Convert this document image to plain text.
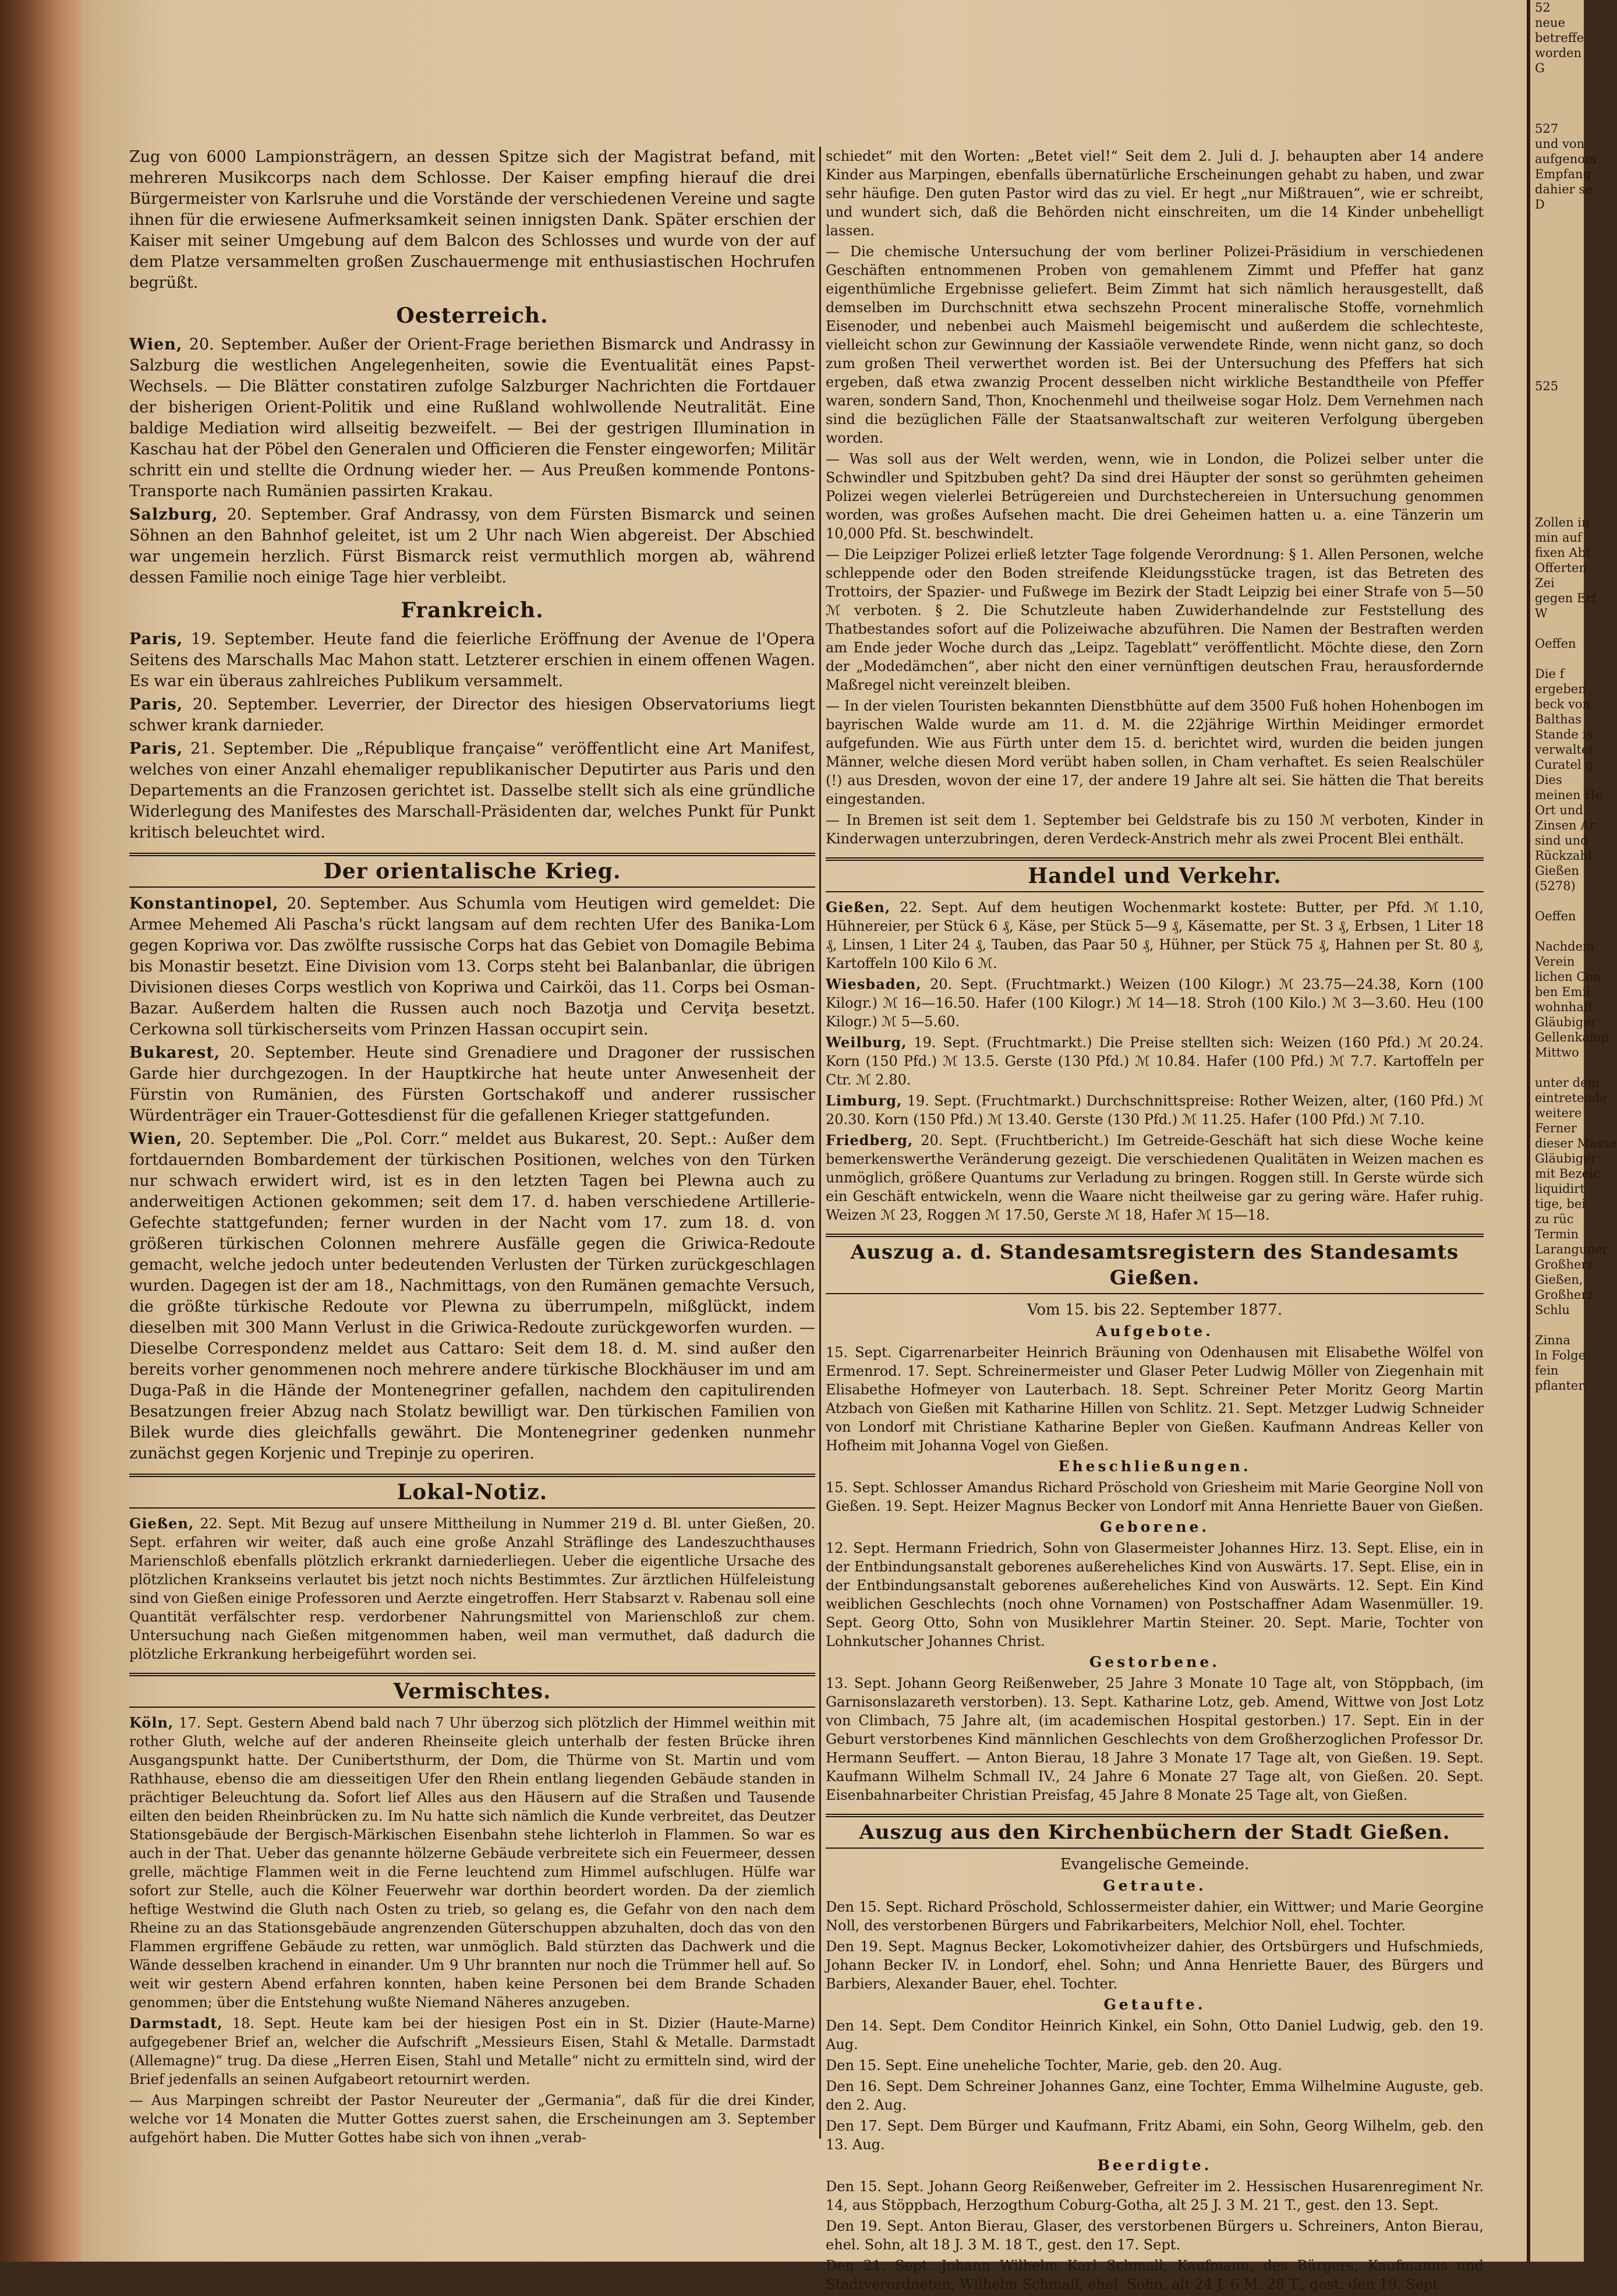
Zug von 6000 Lampionsträgern, an dessen Spitze sich der Magistrat befand, mit mehreren Musikcorps nach dem Schlosse. Der Kaiser empfing hierauf die drei Bürgermeister von Karlsruhe und die Vorstände der verschiedenen Vereine und sagte ihnen für die erwiesene Aufmerksamkeit seinen innigsten Dank. Später erschien der Kaiser mit seiner Umgebung auf dem Balcon des Schlosses und wurde von der auf dem Platze versammelten großen Zuschauermenge mit enthusiastischen Hochrufen begrüßt.

Oesterreich.

Wien, 20. September. Außer der Orient-Frage beriethen Bismarck und Andrassy in Salzburg die westlichen Angelegenheiten, sowie die Eventualität eines Papst-Wechsels. — Die Blätter constatiren zufolge Salzburger Nachrichten die Fortdauer der bisherigen Orient-Politik und eine Rußland wohlwollende Neutralität. Eine baldige Mediation wird allseitig bezweifelt. — Bei der gestrigen Illumination in Kaschau hat der Pöbel den Generalen und Officieren die Fenster eingeworfen; Militär schritt ein und stellte die Ordnung wieder her. — Aus Preußen kommende Pontons-Transporte nach Rumänien passirten Krakau.

Salzburg, 20. September. Graf Andrassy, von dem Fürsten Bismarck und seinen Söhnen an den Bahnhof geleitet, ist um 2 Uhr nach Wien abgereist. Der Abschied war ungemein herzlich. Fürst Bismarck reist vermuthlich morgen ab, während dessen Familie noch einige Tage hier verbleibt.

Frankreich.

Paris, 19. September. Heute fand die feierliche Eröffnung der Avenue de l'Opera Seitens des Marschalls Mac Mahon statt. Letzterer erschien in einem offenen Wagen. Es war ein überaus zahlreiches Publikum versammelt.

Paris, 20. September. Leverrier, der Director des hiesigen Observatoriums liegt schwer krank darnieder.

Paris, 21. September. Die „République française“ veröffentlicht eine Art Manifest, welches von einer Anzahl ehemaliger republikanischer Deputirter aus Paris und den Departements an die Franzosen gerichtet ist. Dasselbe stellt sich als eine gründliche Widerlegung des Manifestes des Marschall-Präsidenten dar, welches Punkt für Punkt kritisch beleuchtet wird.

Der orientalische Krieg.

Konstantinopel, 20. September. Aus Schumla vom Heutigen wird gemeldet: Die Armee Mehemed Ali Pascha's rückt langsam auf dem rechten Ufer des Banika-Lom gegen Kopriwa vor. Das zwölfte russische Corps hat das Gebiet von Domagile Bebima bis Monastir besetzt. Eine Division vom 13. Corps steht bei Balanbanlar, die übrigen Divisionen dieses Corps westlich von Kopriwa und Cairköi, das 11. Corps bei Osman-Bazar. Außerdem halten die Russen auch noch Bazotja und Cerviţa besetzt. Cerkowna soll türkischerseits vom Prinzen Hassan occupirt sein.

Bukarest, 20. September. Heute sind Grenadiere und Dragoner der russischen Garde hier durchgezogen. In der Hauptkirche hat heute unter Anwesenheit der Fürstin von Rumänien, des Fürsten Gortschakoff und anderer russischer Würdenträger ein Trauer-Gottesdienst für die gefallenen Krieger stattgefunden.

Wien, 20. September. Die „Pol. Corr.“ meldet aus Bukarest, 20. Sept.: Außer dem fortdauernden Bombardement der türkischen Positionen, welches von den Türken nur schwach erwidert wird, ist es in den letzten Tagen bei Plewna auch zu anderweitigen Actionen gekommen; seit dem 17. d. haben verschiedene Artillerie-Gefechte stattgefunden; ferner wurden in der Nacht vom 17. zum 18. d. von größeren türkischen Colonnen mehrere Ausfälle gegen die Griwica-Redoute gemacht, welche jedoch unter bedeutenden Verlusten der Türken zurückgeschlagen wurden. Dagegen ist der am 18., Nachmittags, von den Rumänen gemachte Versuch, die größte türkische Redoute vor Plewna zu überrumpeln, mißglückt, indem dieselben mit 300 Mann Verlust in die Griwica-Redoute zurückgeworfen wurden. — Dieselbe Correspondenz meldet aus Cattaro: Seit dem 18. d. M. sind außer den bereits vorher genommenen noch mehrere andere türkische Blockhäuser im und am Duga-Paß in die Hände der Montenegriner gefallen, nachdem den capitulirenden Besatzungen freier Abzug nach Stolatz bewilligt war. Den türkischen Familien von Bilek wurde dies gleichfalls gewährt. Die Montenegriner gedenken nunmehr zunächst gegen Korjenic und Trepinje zu operiren.

Lokal-Notiz.

Gießen, 22. Sept. Mit Bezug auf unsere Mittheilung in Nummer 219 d. Bl. unter Gießen, 20. Sept. erfahren wir weiter, daß auch eine große Anzahl Sträflinge des Landeszuchthauses Marienschloß ebenfalls plötzlich erkrankt darniederliegen. Ueber die eigentliche Ursache des plötzlichen Krankseins verlautet bis jetzt noch nichts Bestimmtes. Zur ärztlichen Hülfeleistung sind von Gießen einige Professoren und Aerzte eingetroffen. Herr Stabsarzt v. Rabenau soll eine Quantität verfälschter resp. verdorbener Nahrungsmittel von Marienschloß zur chem. Untersuchung nach Gießen mitgenommen haben, weil man vermuthet, daß dadurch die plötzliche Erkrankung herbeigeführt worden sei.

Vermischtes.

Köln, 17. Sept. Gestern Abend bald nach 7 Uhr überzog sich plötzlich der Himmel weithin mit rother Gluth, welche auf der anderen Rheinseite gleich unterhalb der festen Brücke ihren Ausgangspunkt hatte. Der Cunibertsthurm, der Dom, die Thürme von St. Martin und vom Rathhause, ebenso die am diesseitigen Ufer den Rhein entlang liegenden Gebäude standen in prächtiger Beleuchtung da. Sofort lief Alles aus den Häusern auf die Straßen und Tausende eilten den beiden Rheinbrücken zu. Im Nu hatte sich nämlich die Kunde verbreitet, das Deutzer Stationsgebäude der Bergisch-Märkischen Eisenbahn stehe lichterloh in Flammen. So war es auch in der That. Ueber das genannte hölzerne Gebäude verbreitete sich ein Feuermeer, dessen grelle, mächtige Flammen weit in die Ferne leuchtend zum Himmel aufschlugen. Hülfe war sofort zur Stelle, auch die Kölner Feuerwehr war dorthin beordert worden. Da der ziemlich heftige Westwind die Gluth nach Osten zu trieb, so gelang es, die Gefahr von den nach dem Rheine zu an das Stationsgebäude angrenzenden Güterschuppen abzuhalten, doch das von den Flammen ergriffene Gebäude zu retten, war unmöglich. Bald stürzten das Dachwerk und die Wände desselben krachend in einander. Um 9 Uhr brannten nur noch die Trümmer hell auf. So weit wir gestern Abend erfahren konnten, haben keine Personen bei dem Brande Schaden genommen; über die Entstehung wußte Niemand Näheres anzugeben.

Darmstadt, 18. Sept. Heute kam bei der hiesigen Post ein in St. Dizier (Haute-Marne) aufgegebener Brief an, welcher die Aufschrift „Messieurs Eisen, Stahl & Metalle. Darmstadt (Allemagne)“ trug. Da diese „Herren Eisen, Stahl und Metalle“ nicht zu ermitteln sind, wird der Brief jedenfalls an seinen Aufgabeort retournirt werden.

— Aus Marpingen schreibt der Pastor Neureuter der „Germania“, daß für die drei Kinder, welche vor 14 Monaten die Mutter Gottes zuerst sahen, die Erscheinungen am 3. September aufgehört haben. Die Mutter Gottes habe sich von ihnen „verab-

schiedet“ mit den Worten: „Betet viel!“ Seit dem 2. Juli d. J. behaupten aber 14 andere Kinder aus Marpingen, ebenfalls übernatürliche Erscheinungen gehabt zu haben, und zwar sehr häufige. Den guten Pastor wird das zu viel. Er hegt „nur Mißtrauen“, wie er schreibt, und wundert sich, daß die Behörden nicht einschreiten, um die 14 Kinder unbehelligt lassen.

— Die chemische Untersuchung der vom berliner Polizei-Präsidium in verschiedenen Geschäften entnommenen Proben von gemahlenem Zimmt und Pfeffer hat ganz eigenthümliche Ergebnisse geliefert. Beim Zimmt hat sich nämlich herausgestellt, daß demselben im Durchschnitt etwa sechszehn Procent mineralische Stoffe, vornehmlich Eisenoder, und nebenbei auch Maismehl beigemischt und außerdem die schlechteste, vielleicht schon zur Gewinnung der Kassiaöle verwendete Rinde, wenn nicht ganz, so doch zum großen Theil verwerthet worden ist. Bei der Untersuchung des Pfeffers hat sich ergeben, daß etwa zwanzig Procent desselben nicht wirkliche Bestandtheile von Pfeffer waren, sondern Sand, Thon, Knochenmehl und theilweise sogar Holz. Dem Vernehmen nach sind die bezüglichen Fälle der Staatsanwaltschaft zur weiteren Verfolgung übergeben worden.

— Was soll aus der Welt werden, wenn, wie in London, die Polizei selber unter die Schwindler und Spitzbuben geht? Da sind drei Häupter der sonst so gerühmten geheimen Polizei wegen vielerlei Betrügereien und Durchstechereien in Untersuchung genommen worden, was großes Aufsehen macht. Die drei Geheimen hatten u. a. eine Tänzerin um 10,000 Pfd. St. beschwindelt.

— Die Leipziger Polizei erließ letzter Tage folgende Verordnung: § 1. Allen Personen, welche schleppende oder den Boden streifende Kleidungsstücke tragen, ist das Betreten des Trottoirs, der Spazier- und Fußwege im Bezirk der Stadt Leipzig bei einer Strafe von 5—50 ℳ verboten. § 2. Die Schutzleute haben Zuwiderhandelnde zur Feststellung des Thatbestandes sofort auf die Polizeiwache abzuführen. Die Namen der Bestraften werden am Ende jeder Woche durch das „Leipz. Tageblatt“ veröffentlicht. Möchte diese, den Zorn der „Modedämchen“, aber nicht den einer vernünftigen deutschen Frau, herausfordernde Maßregel nicht vereinzelt bleiben.

— In der vielen Touristen bekannten Dienstbhütte auf dem 3500 Fuß hohen Hohenbogen im bayrischen Walde wurde am 11. d. M. die 22jährige Wirthin Meidinger ermordet aufgefunden. Wie aus Fürth unter dem 15. d. berichtet wird, wurden die beiden jungen Männer, welche diesen Mord verübt haben sollen, in Cham verhaftet. Es seien Realschüler (!) aus Dresden, wovon der eine 17, der andere 19 Jahre alt sei. Sie hätten die That bereits eingestanden.

— In Bremen ist seit dem 1. September bei Geldstrafe bis zu 150 ℳ verboten, Kinder in Kinderwagen unterzubringen, deren Verdeck-Anstrich mehr als zwei Procent Blei enthält.

Handel und Verkehr.

Gießen, 22. Sept. Auf dem heutigen Wochenmarkt kostete: Butter, per Pfd. ℳ 1.10, Hühnereier, per Stück 6 ₰, Käse, per Stück 5—9 ₰, Käsematte, per St. 3 ₰, Erbsen, 1 Liter 18 ₰, Linsen, 1 Liter 24 ₰, Tauben, das Paar 50 ₰, Hühner, per Stück 75 ₰, Hahnen per St. 80 ₰, Kartoffeln 100 Kilo 6 ℳ.

Wiesbaden, 20. Sept. (Fruchtmarkt.) Weizen (100 Kilogr.) ℳ 23.75—24.38, Korn (100 Kilogr.) ℳ 16—16.50. Hafer (100 Kilogr.) ℳ 14—18. Stroh (100 Kilo.) ℳ 3—3.60. Heu (100 Kilogr.) ℳ 5—5.60.

Weilburg, 19. Sept. (Fruchtmarkt.) Die Preise stellten sich: Weizen (160 Pfd.) ℳ 20.24. Korn (150 Pfd.) ℳ 13.5. Gerste (130 Pfd.) ℳ 10.84. Hafer (100 Pfd.) ℳ 7.7. Kartoffeln per Ctr. ℳ 2.80.

Limburg, 19. Sept. (Fruchtmarkt.) Durchschnittspreise: Rother Weizen, alter, (160 Pfd.) ℳ 20.30. Korn (150 Pfd.) ℳ 13.40. Gerste (130 Pfd.) ℳ 11.25. Hafer (100 Pfd.) ℳ 7.10.

Friedberg, 20. Sept. (Fruchtbericht.) Im Getreide-Geschäft hat sich diese Woche keine bemerkenswerthe Veränderung gezeigt. Die verschiedenen Qualitäten in Weizen machen es unmöglich, größere Quantums zur Verladung zu bringen. Roggen still. In Gerste würde sich ein Geschäft entwickeln, wenn die Waare nicht theilweise gar zu gering wäre. Hafer ruhig. Weizen ℳ 23, Roggen ℳ 17.50, Gerste ℳ 18, Hafer ℳ 15—18.

Auszug a. d. Standesamtsregistern des Standesamts Gießen.
Vom 15. bis 22. September 1877.
Aufgebote.

15. Sept. Cigarrenarbeiter Heinrich Bräuning von Odenhausen mit Elisabethe Wölfel von Ermenrod. 17. Sept. Schreinermeister und Glaser Peter Ludwig Möller von Ziegenhain mit Elisabethe Hofmeyer von Lauterbach. 18. Sept. Schreiner Peter Moritz Georg Martin Atzbach von Gießen mit Katharine Hillen von Schlitz. 21. Sept. Metzger Ludwig Schneider von Londorf mit Christiane Katharine Bepler von Gießen. Kaufmann Andreas Keller von Hofheim mit Johanna Vogel von Gießen.

Eheschließungen.

15. Sept. Schlosser Amandus Richard Pröschold von Griesheim mit Marie Georgine Noll von Gießen. 19. Sept. Heizer Magnus Becker von Londorf mit Anna Henriette Bauer von Gießen.

Geborene.

12. Sept. Hermann Friedrich, Sohn von Glasermeister Johannes Hirz. 13. Sept. Elise, ein in der Entbindungsanstalt geborenes außereheliches Kind von Auswärts. 17. Sept. Elise, ein in der Entbindungsanstalt geborenes außereheliches Kind von Auswärts. 12. Sept. Ein Kind weiblichen Geschlechts (noch ohne Vornamen) von Postschaffner Adam Wasenmüller. 19. Sept. Georg Otto, Sohn von Musiklehrer Martin Steiner. 20. Sept. Marie, Tochter von Lohnkutscher Johannes Christ.

Gestorbene.

13. Sept. Johann Georg Reißenweber, 25 Jahre 3 Monate 10 Tage alt, von Stöppbach, (im Garnisonslazareth verstorben). 13. Sept. Katharine Lotz, geb. Amend, Wittwe von Jost Lotz von Climbach, 75 Jahre alt, (im academischen Hospital gestorben.) 17. Sept. Ein in der Geburt verstorbenes Kind männlichen Geschlechts von dem Großherzoglichen Professor Dr. Hermann Seuffert. — Anton Bierau, 18 Jahre 3 Monate 17 Tage alt, von Gießen. 19. Sept. Kaufmann Wilhelm Schmall IV., 24 Jahre 6 Monate 27 Tage alt, von Gießen. 20. Sept. Eisenbahnarbeiter Christian Preisfag, 45 Jahre 8 Monate 25 Tage alt, von Gießen.

Auszug aus den Kirchenbüchern der Stadt Gießen.
Evangelische Gemeinde.
Getraute.

Den 15. Sept. Richard Pröschold, Schlossermeister dahier, ein Wittwer; und Marie Georgine Noll, des verstorbenen Bürgers und Fabrikarbeiters, Melchior Noll, ehel. Tochter.

Den 19. Sept. Magnus Becker, Lokomotivheizer dahier, des Ortsbürgers und Hufschmieds, Johann Becker IV. in Londorf, ehel. Sohn; und Anna Henriette Bauer, des Bürgers und Barbiers, Alexander Bauer, ehel. Tochter.

Getaufte.

Den 14. Sept. Dem Conditor Heinrich Kinkel, ein Sohn, Otto Daniel Ludwig, geb. den 19. Aug.

Den 15. Sept. Eine uneheliche Tochter, Marie, geb. den 20. Aug.

Den 16. Sept. Dem Schreiner Johannes Ganz, eine Tochter, Emma Wilhelmine Auguste, geb. den 2. Aug.

Den 17. Sept. Dem Bürger und Kaufmann, Fritz Abami, ein Sohn, Georg Wilhelm, geb. den 13. Aug.

Beerdigte.

Den 15. Sept. Johann Georg Reißenweber, Gefreiter im 2. Hessischen Husarenregiment Nr. 14, aus Stöppbach, Herzogthum Coburg-Gotha, alt 25 J. 3 M. 21 T., gest. den 13. Sept.

Den 19. Sept. Anton Bierau, Glaser, des verstorbenen Bürgers u. Schreiners, Anton Bierau, ehel. Sohn, alt 18 J. 3 M. 18 T., gest. den 17. Sept.

Den 21. Sept. Johann Wilhelm Karl Schmall, Kaufmann, des Bürgers, Kaufmanns und Stadtverordneten, Wilhelm Schmall, ehel. Sohn, alt 24 J. 6 M. 28 T., gest. den 19. Sept.

52
neue
betreffe
worden
G

527
und von
aufgenom
Empfang
dahier se
D

525

Zollen in
min auf
fixen Abt
Offerten
Zei
gegen Erf
W

Oeffen

Die f
ergeben
beck von
Balthas
Stande is
verwaltet
Curatel g
Dies
meinen He
Ort und
Zinsen Ar
sind und
Rückzahl
Gießen
(5278)

Oeffen

Nachdem
Verein
lichen Con
ben Emil
wohnhaft
Gläubiger
Gellenkamp
Mittwo

unter dem
eintretende
weitere
Ferner
dieser Masse
Gläubiger
mit Bezeic
liquidirt
tige, bei
zu rüc
Termin
Laranguner
Großherz
Gießen,
Großherz
Schlu

Zinna
In Folge
fein
pflanter
